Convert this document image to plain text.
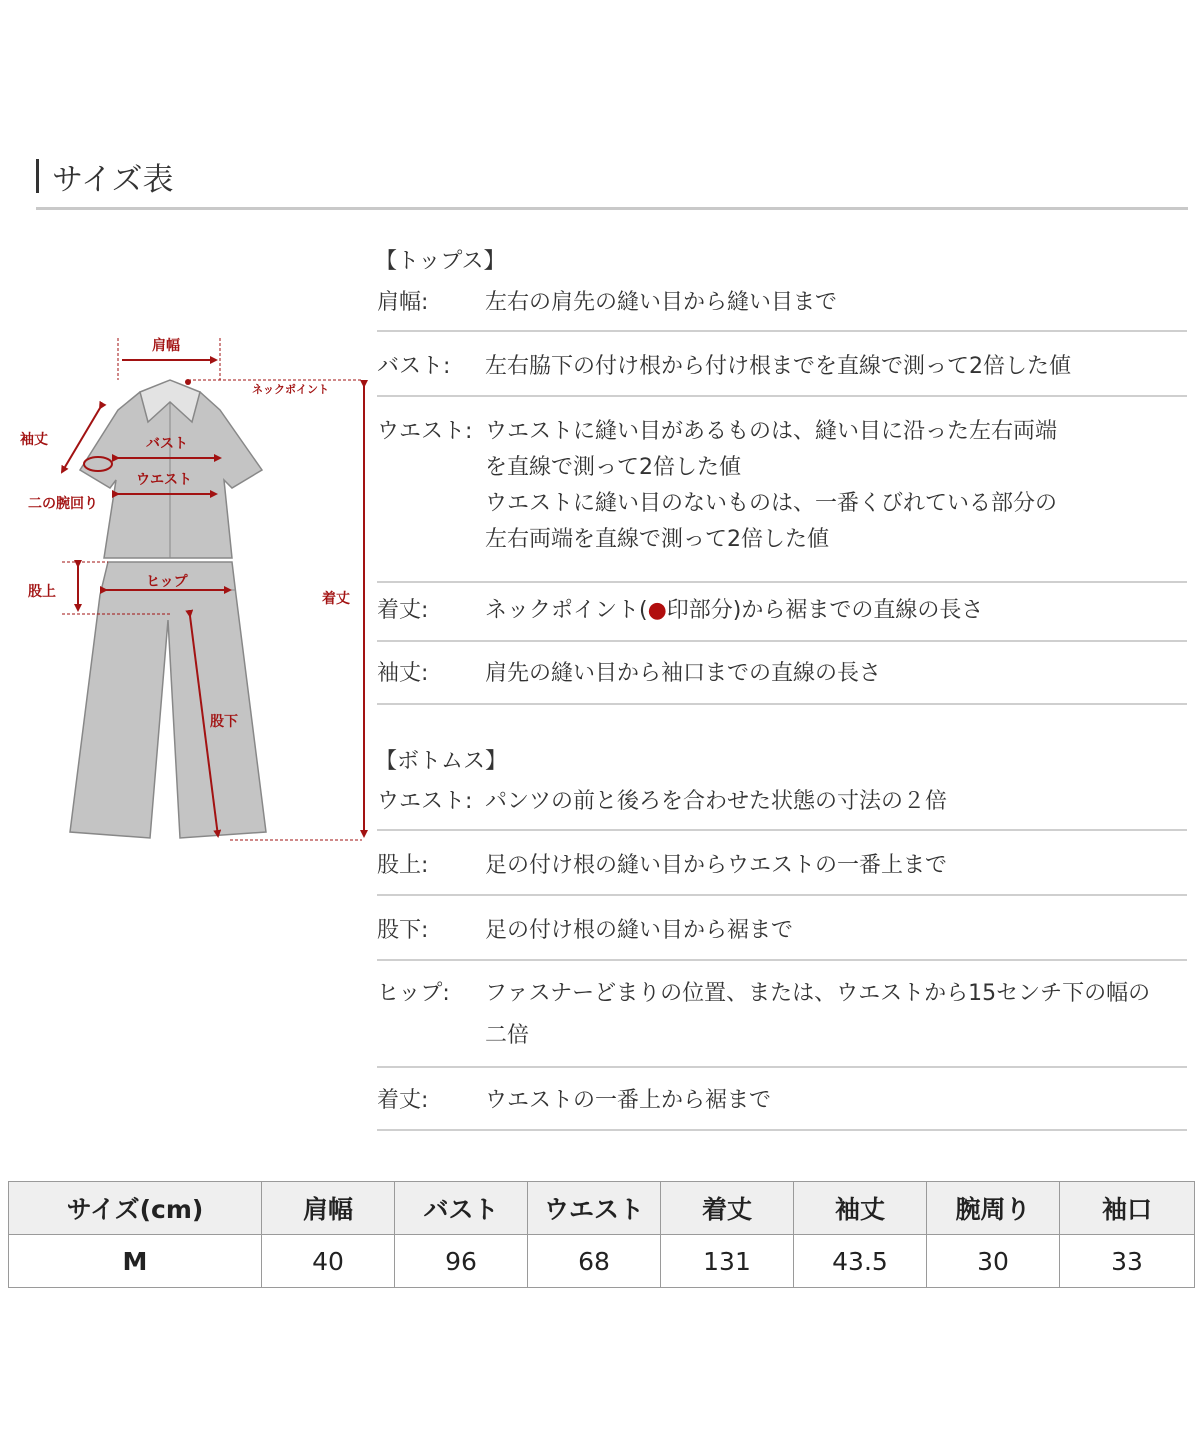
サイズ表
肩幅
ネックポイント
袖丈	バスト
ウエスト
二の腕回り
股上
ヒップ
着丈
股下
【トップス】
肩幅:	左右の肩先の縫い目から縫い目まで
バスト:	左右脇下の付け根から付け根までを直線で測って2倍した値
ウエスト: ウエストに縫い目があるものは、縫い目に沿った左右両端
を直線で測って2倍した値
ウエストに縫い目のないものは、一番くびれている部分の
左右両端を直線で測って2倍した値
着丈:	ネックポイント(●印部分)から裾までの直線の長さ
袖丈:	肩先の縫い目から袖口までの直線の長さ
【ボトムス】
ウエスト: パンツの前と後ろを合わせた状態の寸法の２倍
股上:	足の付け根の縫い目からウエストの一番上まで
股下:	足の付け根の縫い目から裾まで
ヒップ:	ファスナーどまりの位置、または、ウエストから15センチ下の幅の
二倍
着丈:	ウエストの一番上から裾まで
サイズ(cm)	肩幅	バスト	ウエスト	着丈	袖丈	腕周り	袖口
M	40	96	68	131	43.5	30	33
